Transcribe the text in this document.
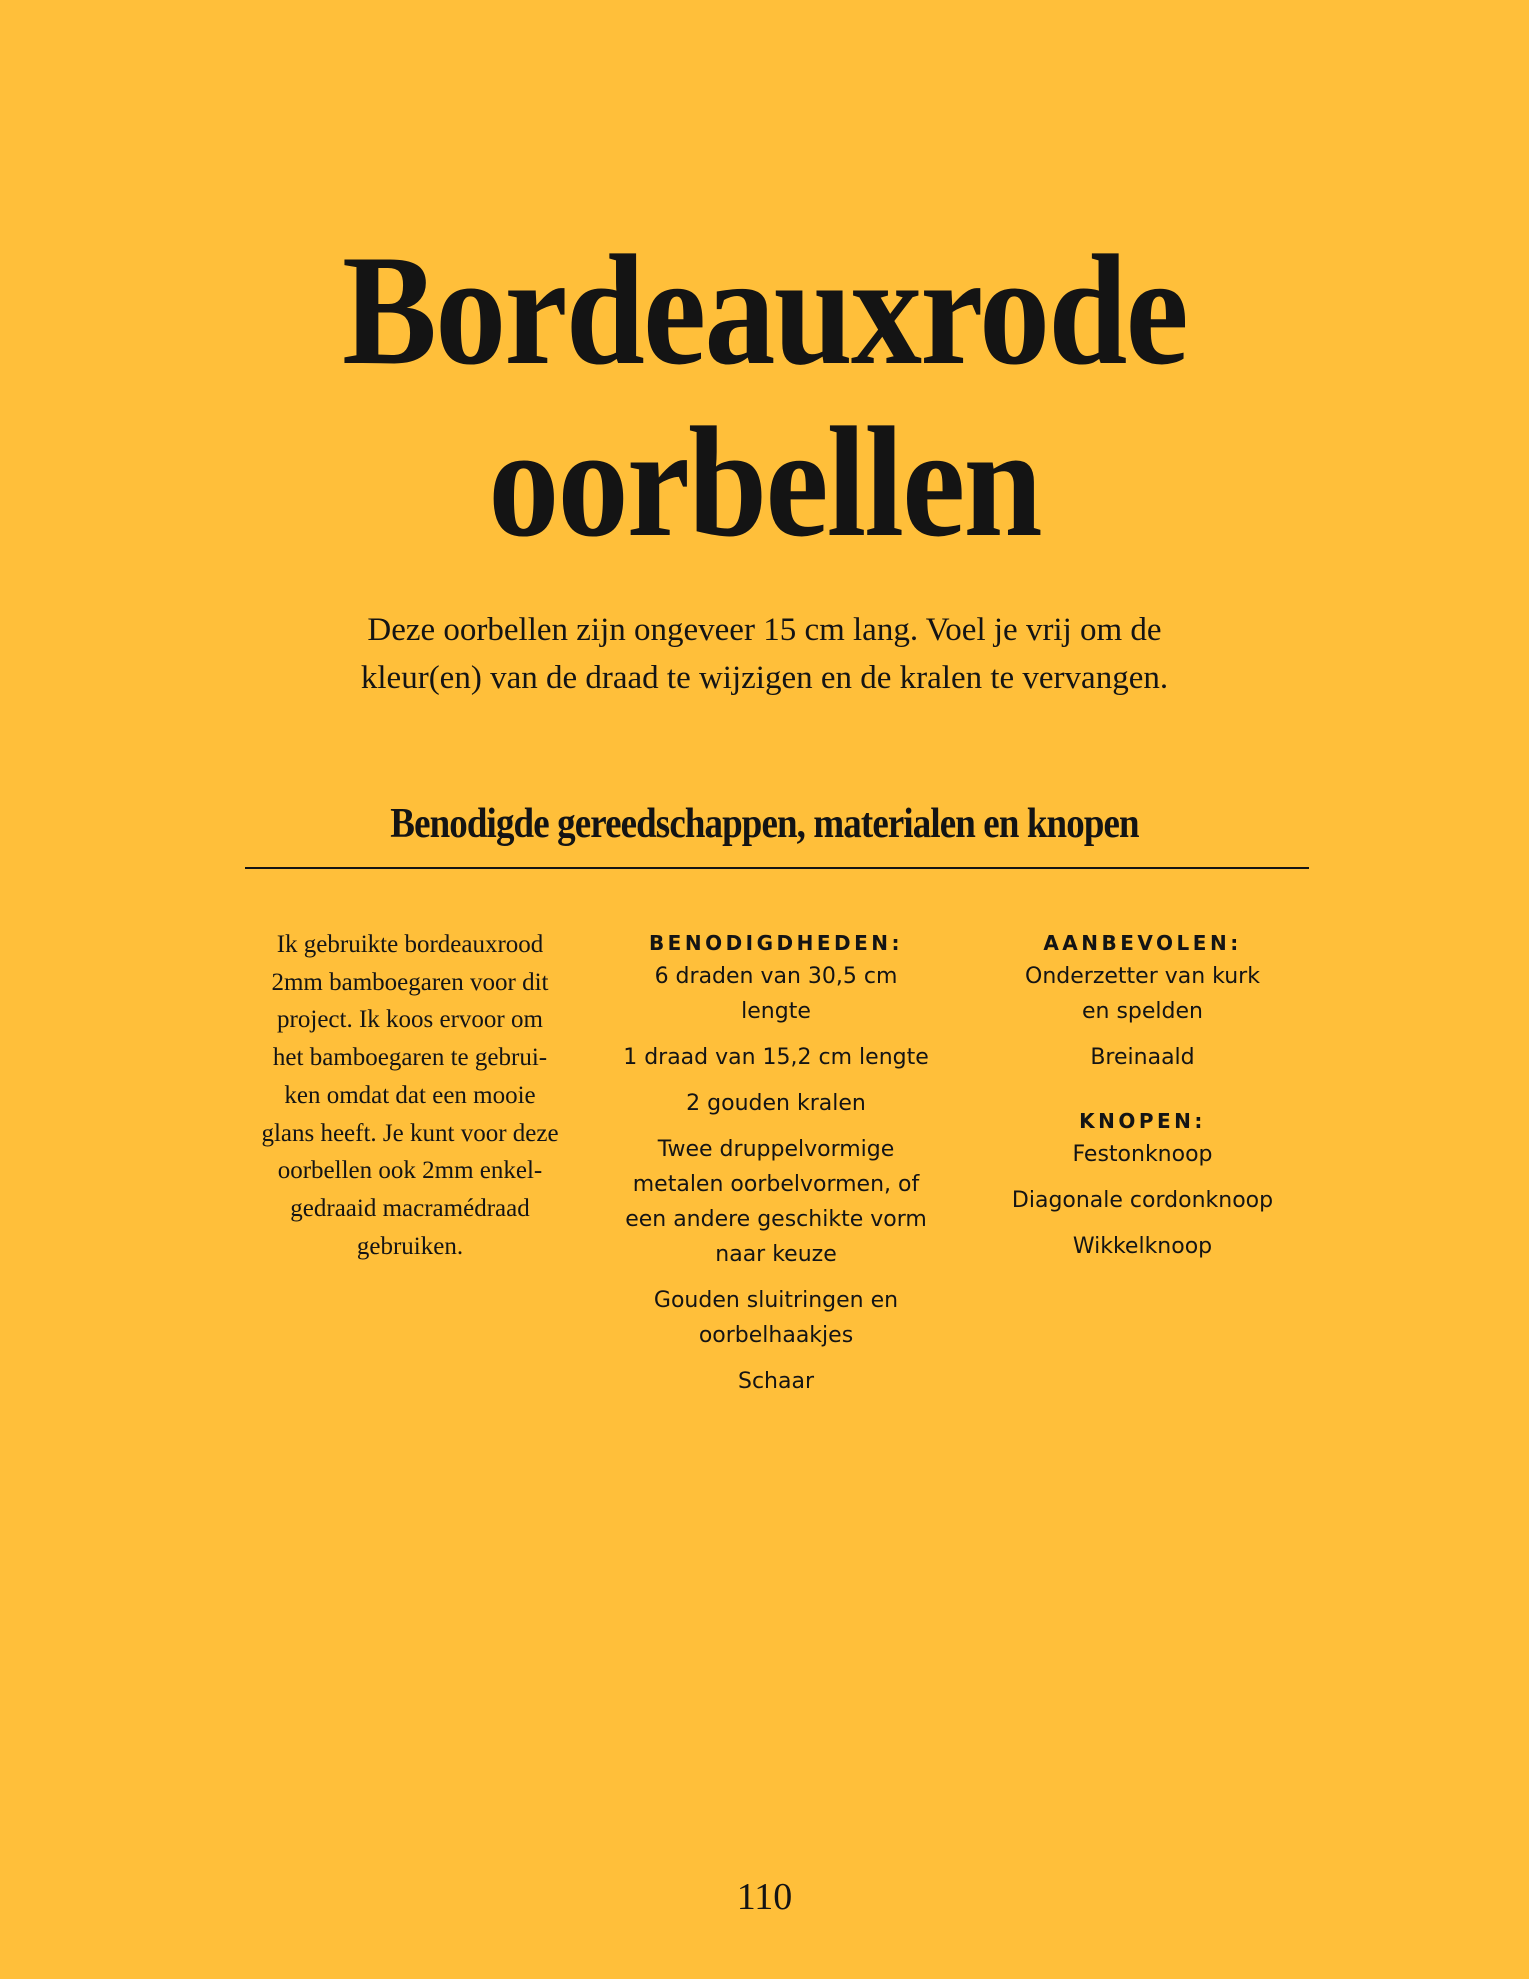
Bordeauxrode
oorbellen

Deze oorbellen zijn ongeveer 15 cm lang. Voel je vrij om de
kleur(en) van de draad te wijzigen en de kralen te vervangen.

Benodigde gereedschappen, materialen en knopen

Ik gebruikte bordeauxrood
2mm bamboegaren voor dit
project. Ik koos ervoor om
het bamboegaren te gebrui-
ken omdat dat een mooie
glans heeft. Je kunt voor deze
oorbellen ook 2mm enkel-
gedraaid macramédraad
gebruiken.

BENODIGDHEDEN:
6 draden van 30,5 cm
lengte
1 draad van 15,2 cm lengte
2 gouden kralen
Twee druppelvormige
metalen oorbelvormen, of
een andere geschikte vorm
naar keuze
Gouden sluitringen en
oorbelhaakjes
Schaar
AANBEVOLEN:
Onderzetter van kurk
en spelden
Breinaald
KNOPEN:
Festonknoop
Diagonale cordonknoop
Wikkelknoop
110
